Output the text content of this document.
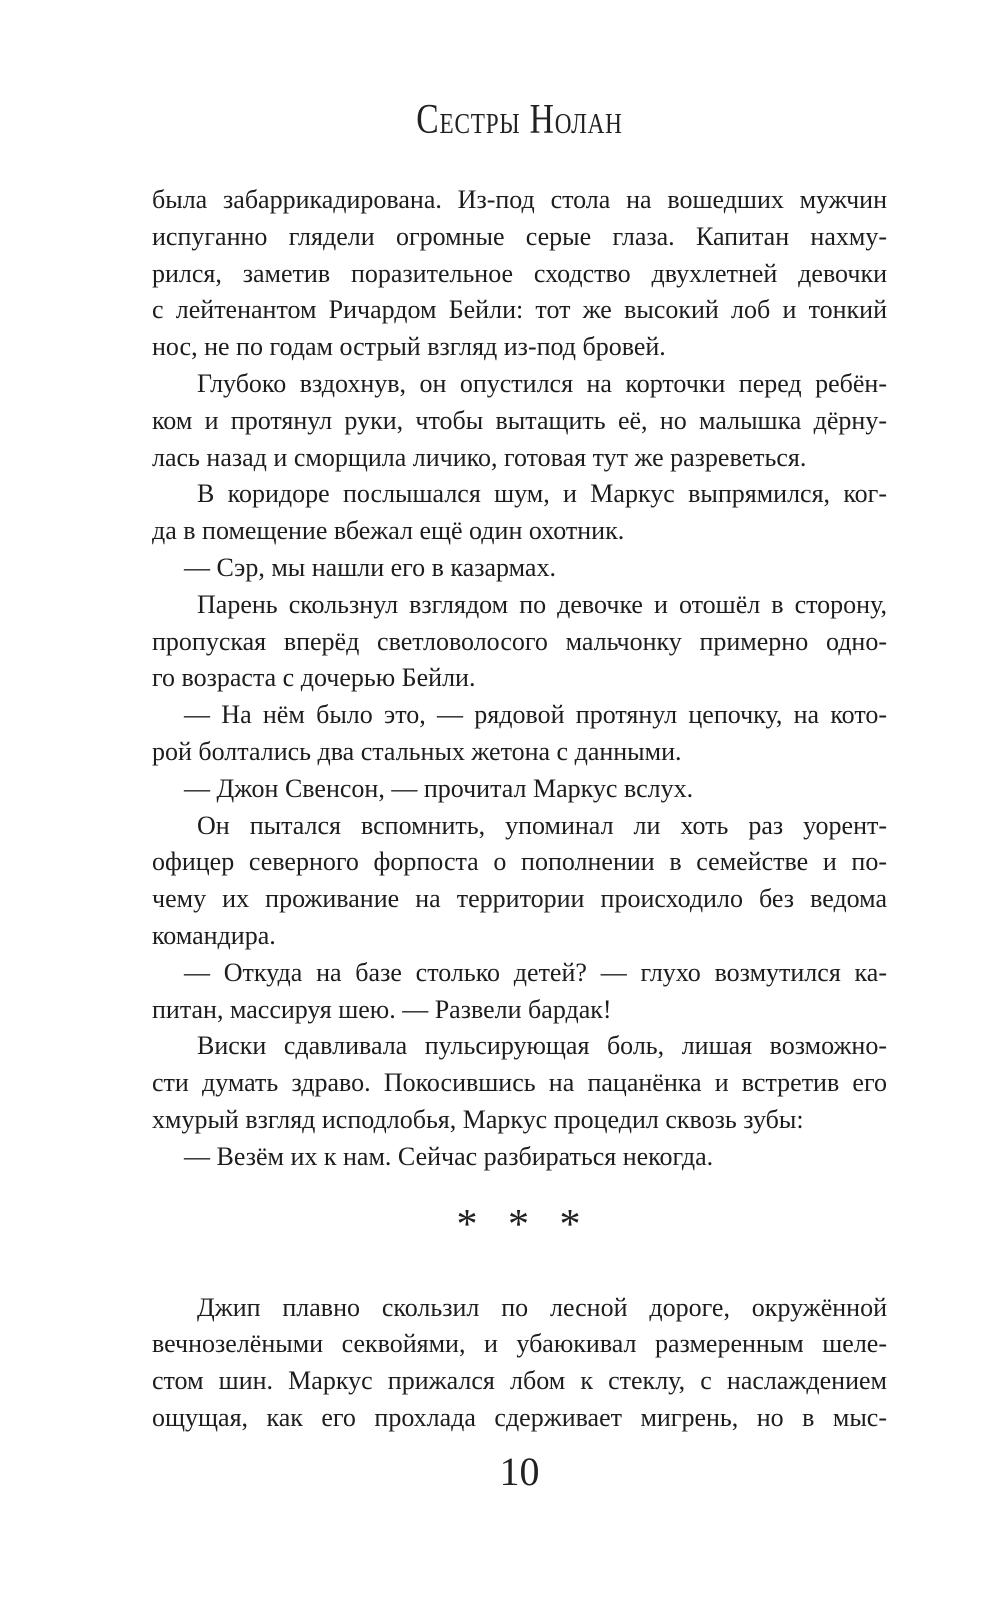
Сестры Нолан
была забаррикадирована. Из-под стола на вошедших мужчин
испуганно глядели огромные серые глаза. Капитан нахму-
рился, заметив поразительное сходство двухлетней девочки
с лейтенантом Ричардом Бейли: тот же высокий лоб и тонкий
нос, не по годам острый взгляд из-под бровей.
Глубоко вздохнув, он опустился на корточки перед ребён-
ком и протянул руки, чтобы вытащить её, но малышка дёрну-
лась назад и сморщила личико, готовая тут же разреветься.
В коридоре послышался шум, и Маркус выпрямился, ког-
да в помещение вбежал ещё один охотник.
— Сэр, мы нашли его в казармах.
Парень скользнул взглядом по девочке и отошёл в сторону,
пропуская вперёд светловолосого мальчонку примерно одно-
го возраста с дочерью Бейли.
— На нём было это, — рядовой протянул цепочку, на кото-
рой болтались два стальных жетона с данными.
— Джон Свенсон, — прочитал Маркус вслух.
Он пытался вспомнить, упоминал ли хоть раз уорент-
офицер северного форпоста о пополнении в семействе и по-
чему их проживание на территории происходило без ведома
командира.
— Откуда на базе столько детей? — глухо возмутился ка-
питан, массируя шею. — Развели бардак!
Виски сдавливала пульсирующая боль, лишая возможно-
сти думать здраво. Покосившись на пацанёнка и встретив его
хмурый взгляд исподлобья, Маркус процедил сквозь зубы:
— Везём их к нам. Сейчас разбираться некогда.
* * *
Джип плавно скользил по лесной дороге, окружённой
вечнозелёными секвойями, и убаюкивал размеренным шеле-
стом шин. Маркус прижался лбом к стеклу, с наслаждением
ощущая, как его прохлада сдерживает мигрень, но в мыс-
10
